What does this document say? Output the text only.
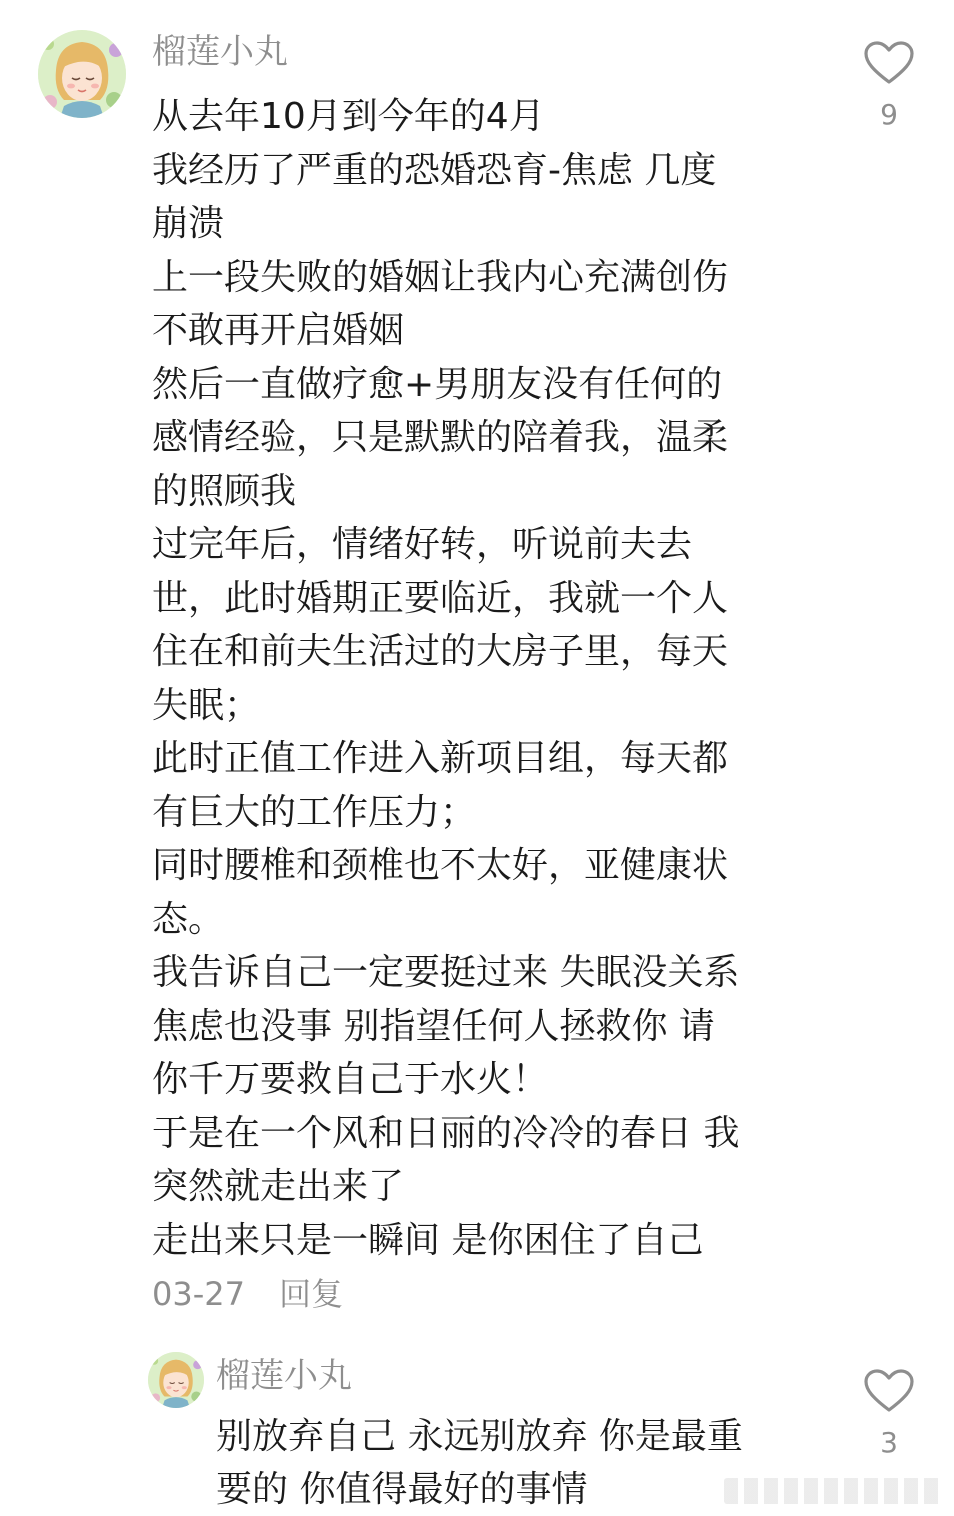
榴莲小丸
从去年10月到今年的4月
我经历了严重的恐婚恐育-焦虑 几度
崩溃
上一段失败的婚姻让我内心充满创伤
不敢再开启婚姻
然后一直做疗愈+男朋友没有任何的
感情经验，只是默默的陪着我，温柔
的照顾我
过完年后，情绪好转，听说前夫去
世，此时婚期正要临近，我就一个人
住在和前夫生活过的大房子里，每天
失眠；
此时正值工作进入新项目组，每天都
有巨大的工作压力；
同时腰椎和颈椎也不太好，亚健康状
态。
我告诉自己一定要挺过来 失眠没关系
焦虑也没事 别指望任何人拯救你 请
你千万要救自己于水火！
于是在一个风和日丽的冷冷的春日 我
突然就走出来了
走出来只是一瞬间 是你困住了自己
03-27 回复
9
榴莲小丸
别放弃自己 永远别放弃 你是最重
要的 你值得最好的事情
3
